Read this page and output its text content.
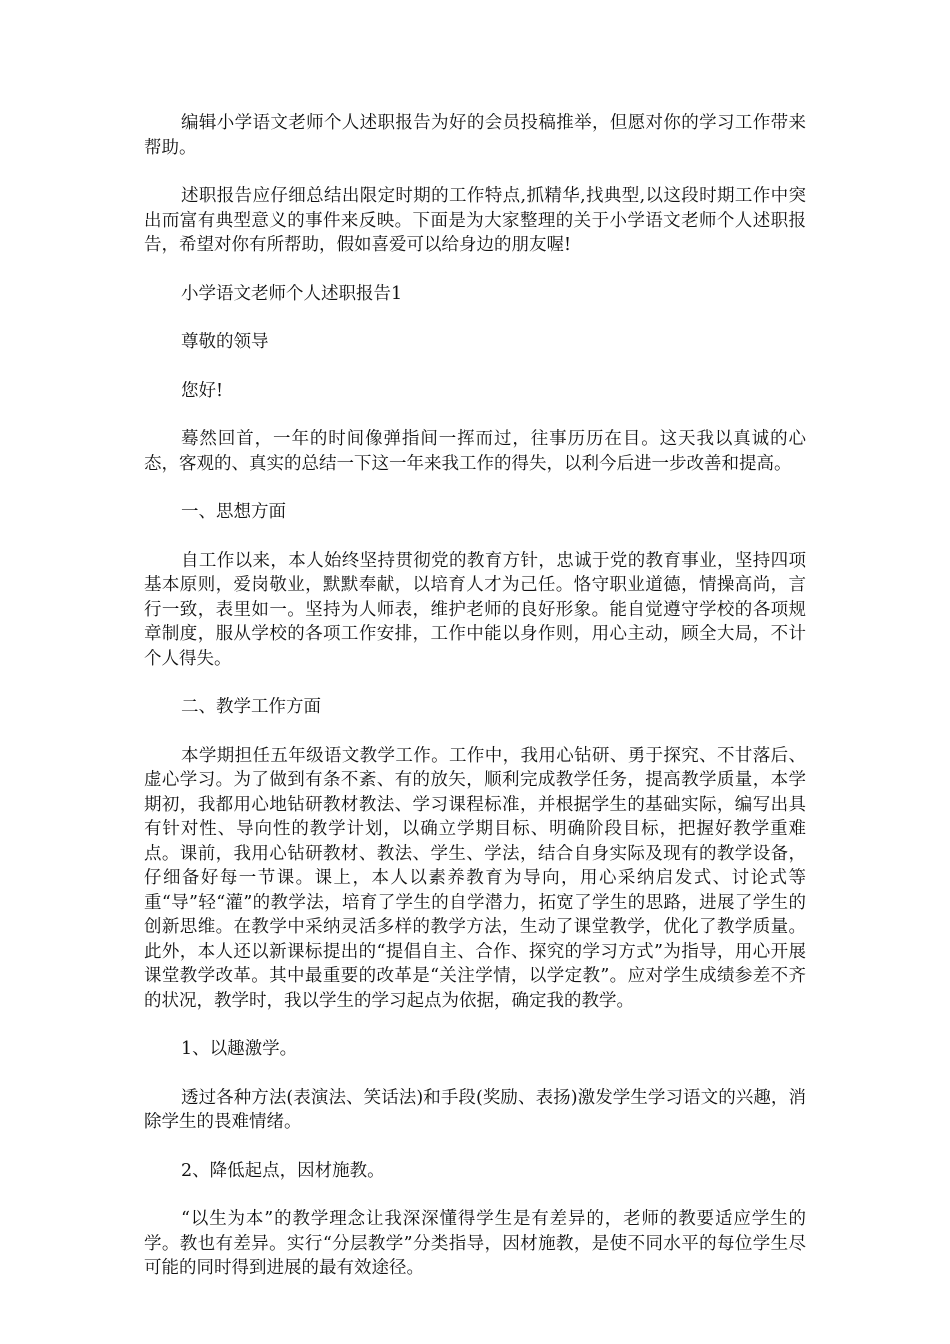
编辑小学语文老师个人述职报告为好的会员投稿推举，但愿对你的学习工作带来帮助。

述职报告应仔细总结出限定时期的工作特点,抓精华,找典型,以这段时期工作中突出而富有典型意义的事件来反映。下面是为大家整理的关于小学语文老师个人述职报告，希望对你有所帮助，假如喜爱可以给身边的朋友喔!

小学语文老师个人述职报告1

尊敬的领导

您好!

蓦然回首，一年的时间像弹指间一挥而过，往事历历在目。这天我以真诚的心态，客观的、真实的总结一下这一年来我工作的得失，以利今后进一步改善和提高。

一、思想方面

自工作以来，本人始终坚持贯彻党的教育方针，忠诚于党的教育事业，坚持四项基本原则，爱岗敬业，默默奉献，以培育人才为己任。恪守职业道德，情操高尚，言行一致，表里如一。坚持为人师表，维护老师的良好形象。能自觉遵守学校的各项规章制度，服从学校的各项工作安排，工作中能以身作则，用心主动，顾全大局，不计个人得失。

二、教学工作方面

本学期担任五年级语文教学工作。工作中，我用心钻研、勇于探究、不甘落后、虚心学习。为了做到有条不紊、有的放矢，顺利完成教学任务，提高教学质量，本学期初，我都用心地钻研教材教法、学习课程标准，并根据学生的基础实际，编写出具有针对性、导向性的教学计划，以确立学期目标、明确阶段目标，把握好教学重难点。课前，我用心钻研教材、教法、学生、学法，结合自身实际及现有的教学设备，仔细备好每一节课。课上，本人以素养教育为导向，用心采纳启发式、讨论式等重“导”轻“灌”的教学法，培育了学生的自学潜力，拓宽了学生的思路，进展了学生的创新思维。在教学中采纳灵活多样的教学方法，生动了课堂教学，优化了教学质量。此外，本人还以新课标提出的“提倡自主、合作、探究的学习方式”为指导，用心开展课堂教学改革。其中最重要的改革是“关注学情，以学定教”。应对学生成绩参差不齐的状况，教学时，我以学生的学习起点为依据，确定我的教学。

1、以趣激学。

透过各种方法(表演法、笑话法)和手段(奖励、表扬)激发学生学习语文的兴趣，消除学生的畏难情绪。

2、降低起点，因材施教。

“以生为本”的教学理念让我深深懂得学生是有差异的，老师的教要适应学生的学。教也有差异。实行“分层教学”分类指导，因材施教，是使不同水平的每位学生尽可能的同时得到进展的最有效途径。
